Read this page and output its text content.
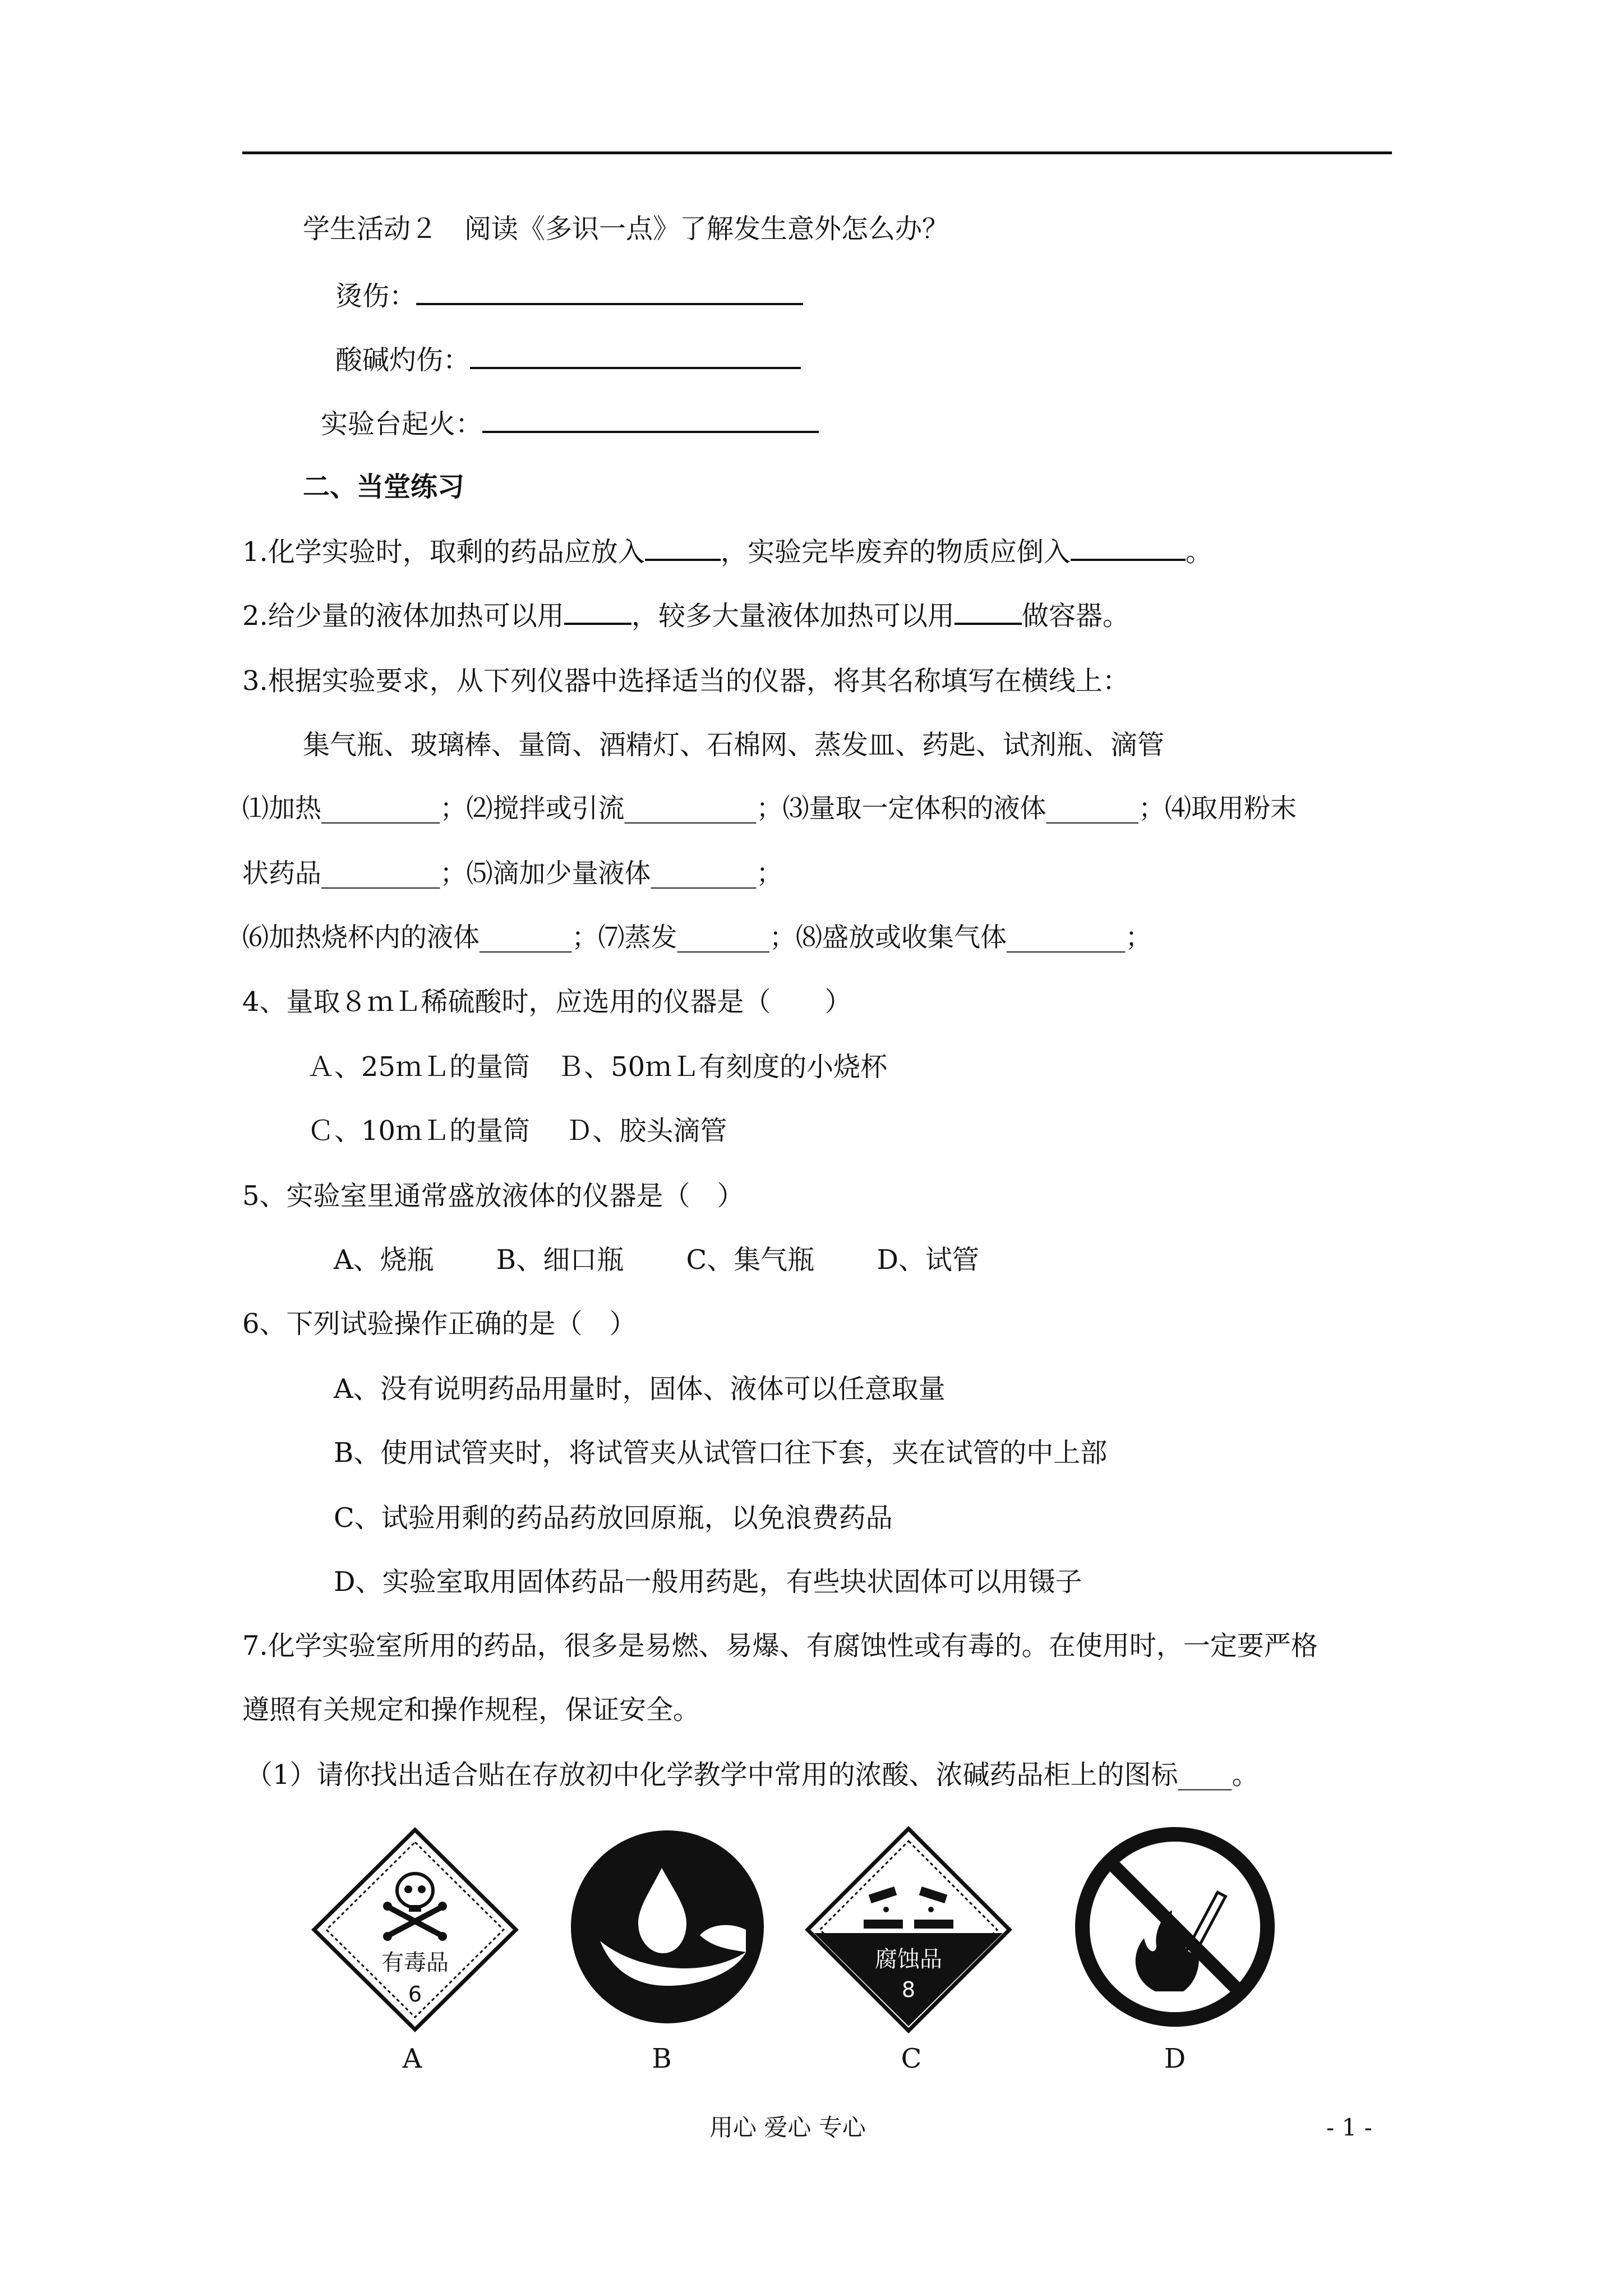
学生活动２　阅读《多识一点》了解发生意外怎么办？
烫伤：
酸碱灼伤：
实验台起火：
二、当堂练习
1.化学实验时，取剩的药品应放入	，实验完毕废弃的物质应倒入	。
2.给少量的液体加热可以用	，较多大量液体加热可以用	做容器。
3.根据实验要求，从下列仪器中选择适当的仪器，将其名称填写在横线上：
集气瓶、玻璃棒、量筒、酒精灯、石棉网、蒸发皿、药匙、试剂瓶、滴管
⑴加热_________；⑵搅拌或引流__________；⑶量取一定体积的液体_______；⑷取用粉末
状药品_________；⑸滴加少量液体________；
⑹加热烧杯内的液体_______；⑺蒸发_______；⑻盛放或收集气体_________；
4、量取８ｍＬ稀硫酸时，应选用的仪器是（　　）
Ａ、25ｍＬ的量筒　Ｂ、50ｍＬ有刻度的小烧杯
Ｃ、10ｍＬ的量筒　 Ｄ、胶头滴管
5、实验室里通常盛放液体的仪器是（　）
A、烧瓶　　 B、细口瓶　　 C、集气瓶　　 D、试管
6、下列试验操作正确的是（　）
A、没有说明药品用量时，固体、液体可以任意取量
B、使用试管夹时，将试管夹从试管口往下套，夹在试管的中上部
C、试验用剩的药品药放回原瓶，以免浪费药品
D、实验室取用固体药品一般用药匙，有些块状固体可以用镊子
7.化学实验室所用的药品，很多是易燃、易爆、有腐蚀性或有毒的。在使用时，一定要严格
遵照有关规定和操作规程，保证安全。
（1）请你找出适合贴在存放初中化学教学中常用的浓酸、浓碱药品柜上的图标____。
有毒品
6
A	B
腐蚀品
8
C	D
用心 爱心 专心	- 1 -
